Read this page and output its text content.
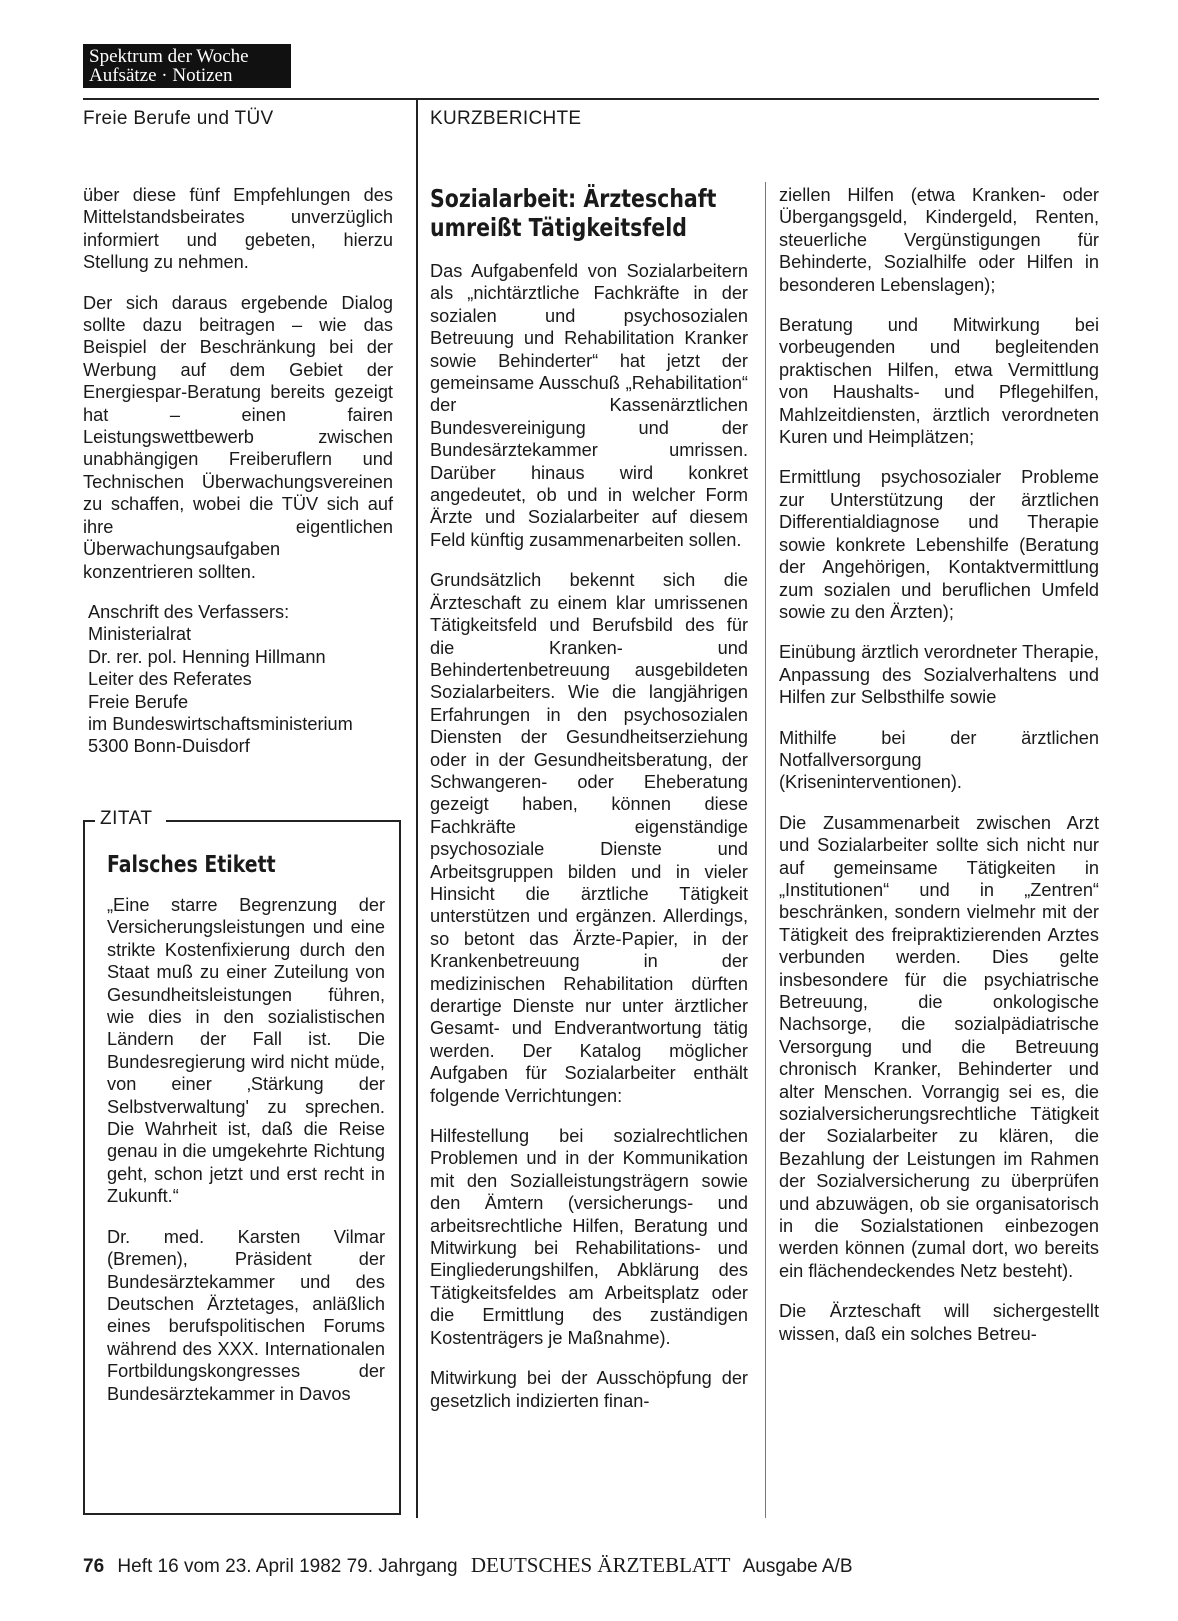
Spektrum der Woche
Aufsätze · Notizen
Freie Berufe und TÜV	KURZBERICHTE

über diese fünf Empfehlungen des Mittelstandsbeirates unverzüglich informiert und gebeten, hierzu Stellung zu nehmen.

Der sich daraus ergebende Dialog sollte dazu beitragen – wie das Beispiel der Beschränkung bei der Werbung auf dem Gebiet der Energiespar-Beratung bereits gezeigt hat – einen fairen Leistungswettbewerb zwischen unabhängigen Freiberuflern und Technischen Überwachungsvereinen zu schaffen, wobei die TÜV sich auf ihre eigentlichen Überwachungsaufgaben konzentrieren sollten.

Anschrift des Verfassers:
Ministerialrat
Dr. rer. pol. Henning Hillmann
Leiter des Referates
Freie Berufe
im Bundeswirtschaftsministerium
5300 Bonn-Duisdorf
ZITAT
Falsches Etikett

„Eine starre Begrenzung der Versicherungsleistungen und eine strikte Kostenfixierung durch den Staat muß zu einer Zuteilung von Gesundheitsleistungen führen, wie dies in den sozialistischen Ländern der Fall ist. Die Bundesregierung wird nicht müde, von einer ‚Stärkung der Selbstverwaltung' zu sprechen. Die Wahrheit ist, daß die Reise genau in die umgekehrte Richtung geht, schon jetzt und erst recht in Zukunft.“

Dr. med. Karsten Vilmar (Bremen), Präsident der Bundesärztekammer und des Deutschen Ärztetages, anläßlich eines berufspolitischen Forums während des XXX. Internationalen Fortbildungskongresses der Bundesärztekammer in Davos

Sozialarbeit: Ärzteschaft umreißt Tätigkeitsfeld

Das Aufgabenfeld von Sozialarbeitern als „nichtärztliche Fachkräfte in der sozialen und psychosozialen Betreuung und Rehabilitation Kranker sowie Behinderter“ hat jetzt der gemeinsame Ausschuß „Rehabilitation“ der Kassenärztlichen Bundesvereinigung und der Bundesärztekammer umrissen. Darüber hinaus wird konkret angedeutet, ob und in welcher Form Ärzte und Sozialarbeiter auf diesem Feld künftig zusammenarbeiten sollen.

Grundsätzlich bekennt sich die Ärzteschaft zu einem klar umrissenen Tätigkeitsfeld und Berufsbild des für die Kranken- und Behindertenbetreuung ausgebildeten Sozialarbeiters. Wie die langjährigen Erfahrungen in den psychosozialen Diensten der Gesundheitserziehung oder in der Gesundheitsberatung, der Schwangeren- oder Eheberatung gezeigt haben, können diese Fachkräfte eigenständige psychosoziale Dienste und Arbeitsgruppen bilden und in vieler Hinsicht die ärztliche Tätigkeit unterstützen und ergänzen. Allerdings, so betont das Ärzte-Papier, in der Krankenbetreuung in der medizinischen Rehabilitation dürften derartige Dienste nur unter ärztlicher Gesamt- und Endverantwortung tätig werden. Der Katalog möglicher Aufgaben für Sozialarbeiter enthält folgende Verrichtungen:

Hilfestellung bei sozialrechtlichen Problemen und in der Kommunikation mit den Sozialleistungsträgern sowie den Ämtern (versicherungs- und arbeitsrechtliche Hilfen, Beratung und Mitwirkung bei Rehabilitations- und Eingliederungshilfen, Abklärung des Tätigkeitsfeldes am Arbeitsplatz oder die Ermittlung des zuständigen Kostenträgers je Maßnahme).

Mitwirkung bei der Ausschöpfung der gesetzlich indizierten finan-

ziellen Hilfen (etwa Kranken- oder Übergangsgeld, Kindergeld, Renten, steuerliche Vergünstigungen für Behinderte, Sozialhilfe oder Hilfen in besonderen Lebenslagen);

Beratung und Mitwirkung bei vorbeugenden und begleitenden praktischen Hilfen, etwa Vermittlung von Haushalts- und Pflegehilfen, Mahlzeitdiensten, ärztlich verordneten Kuren und Heimplätzen;

Ermittlung psychosozialer Probleme zur Unterstützung der ärztlichen Differentialdiagnose und Therapie sowie konkrete Lebenshilfe (Beratung der Angehörigen, Kontaktvermittlung zum sozialen und beruflichen Umfeld sowie zu den Ärzten);

Einübung ärztlich verordneter Therapie, Anpassung des Sozialverhaltens und Hilfen zur Selbsthilfe sowie

Mithilfe bei der ärztlichen Notfallversorgung (Kriseninterventionen).

Die Zusammenarbeit zwischen Arzt und Sozialarbeiter sollte sich nicht nur auf gemeinsame Tätigkeiten in „Institutionen“ und in „Zentren“ beschränken, sondern vielmehr mit der Tätigkeit des freipraktizierenden Arztes verbunden werden. Dies gelte insbesondere für die psychiatrische Betreuung, die onkologische Nachsorge, die sozialpädiatrische Versorgung und die Betreuung chronisch Kranker, Behinderter und alter Menschen. Vorrangig sei es, die sozialversicherungsrechtliche Tätigkeit der Sozialarbeiter zu klären, die Bezahlung der Leistungen im Rahmen der Sozialversicherung zu überprüfen und abzuwägen, ob sie organisatorisch in die Sozialstationen einbezogen werden können (zumal dort, wo bereits ein flächendeckendes Netz besteht).

Die Ärzteschaft will sichergestellt wissen, daß ein solches Betreu-

76 Heft 16 vom 23. April 1982 79. Jahrgang DEUTSCHES ÄRZTEBLATT Ausgabe A/B
